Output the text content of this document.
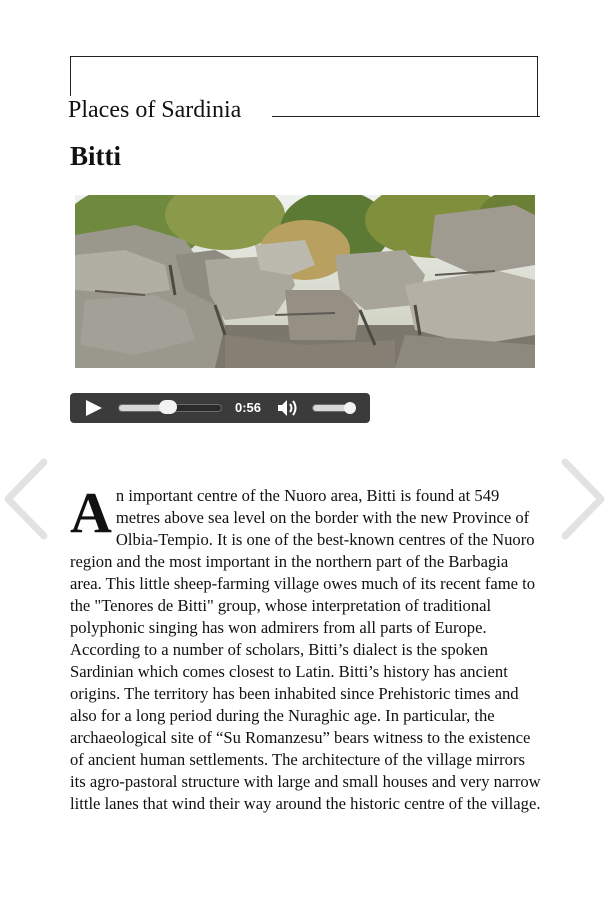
Places of Sardinia
Bitti
0:56

An important centre of the Nuoro area, Bitti is found at 549 metres above sea level on the border with the new Province of Olbia-Tempio. It is one of the best-known centres of the Nuoro region and the most important in the northern part of the Barbagia area. This little sheep-farming village owes much of its recent fame to the "Tenores de Bitti" group, whose interpretation of traditional polyphonic singing has won admirers from all parts of Europe. According to a number of scholars, Bitti’s dialect is the spoken Sardinian which comes closest to Latin. Bitti’s history has ancient origins. The territory has been inhabited since Prehistoric times and also for a long period during the Nuraghic age. In particular, the archaeological site of “Su Romanzesu” bears witness to the existence of ancient human settlements. The architecture of the village mirrors its agro-pastoral structure with large and small houses and very narrow little lanes that wind their way around the historic centre of the village.
